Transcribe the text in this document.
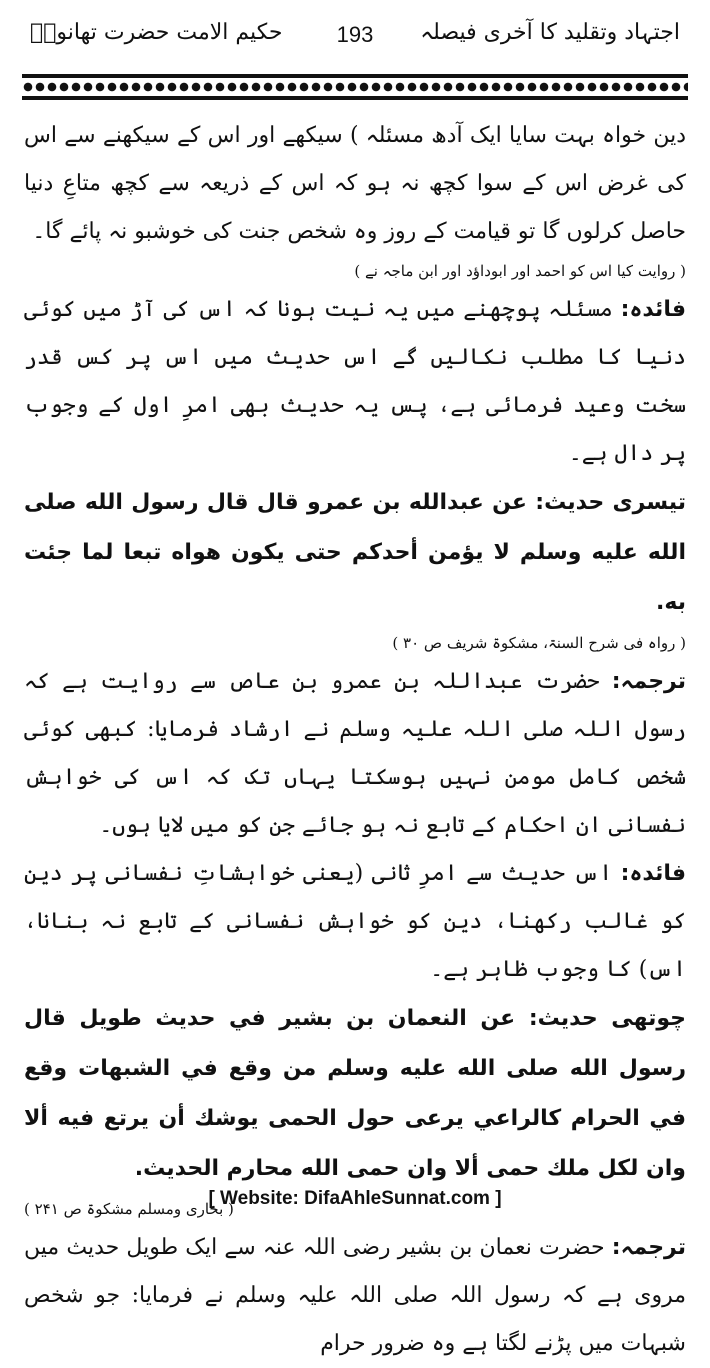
حکیم الامت حضرت تھانویؒ	193	اجتہاد وتقلید کا آخری فیصلہ

دین خواہ بہت سایا ایک آدھ مسئلہ ) سیکھے اور اس کے سیکھنے سے اس کی غرض اس کے سوا کچھ نہ ہو کہ اس کے ذریعہ سے کچھ متاعِ دنیا حاصل کرلوں گا تو قیامت کے روز وہ شخص جنت کی خوشبو نہ پائے گا۔

( روایت کیا اس کو احمد اور ابوداؤد اور ابن ماجہ نے )

فائدہ: مسئلہ پوچھنے میں یہ نیت ہونا کہ اس کی آڑ میں کوئی دنیا کا مطلب نکالیں گے اس حدیث میں اس پر کس قدر سخت وعید فرمائی ہے، پس یہ حدیث بھی امرِ اول کے وجوب پر دال ہے۔

تیسری حدیث: عن عبدالله بن عمرو قال قال رسول الله صلى الله عليه وسلم لا يؤمن أحدكم حتى يكون هواه تبعا لما جئت به.

( رواہ فی شرح السنۃ، مشکوۃ شریف ص ۳۰ )

ترجمہ: حضرت عبداللہ بن عمرو بن عاص سے روایت ہے کہ رسول اللہ صلی اللہ علیہ وسلم نے ارشاد فرمایا: کبھی کوئی شخص کامل مومن نہیں ہوسکتا یہاں تک کہ اس کی خواہش نفسانی ان احکام کے تابع نہ ہو جائے جن کو میں لایا ہوں۔

فائدہ: اس حدیث سے امرِ ثانی (یعنی خواہشاتِ نفسانی پر دین کو غالب رکھنا، دین کو خواہش نفسانی کے تابع نہ بنانا، اس) کا وجوب ظاہر ہے۔

چوتھی حدیث: عن النعمان بن بشير في حديث طويل قال رسول الله صلى الله عليه وسلم من وقع في الشبهات وقع في الحرام كالراعي يرعى حول الحمى يوشك أن يرتع فيه ألا وان لكل ملك حمى ألا وان حمى الله محارم الحديث.

( بخاری ومسلم مشکوۃ ص ۲۴۱ )

ترجمہ: حضرت نعمان بن بشیر رضی اللہ عنہ سے ایک طویل حدیث میں مروی ہے کہ رسول اللہ صلی اللہ علیہ وسلم نے فرمایا: جو شخص شبہات میں پڑنے لگتا ہے وہ ضرور حرام

[ Website: DifaAhleSunnat.com ]
